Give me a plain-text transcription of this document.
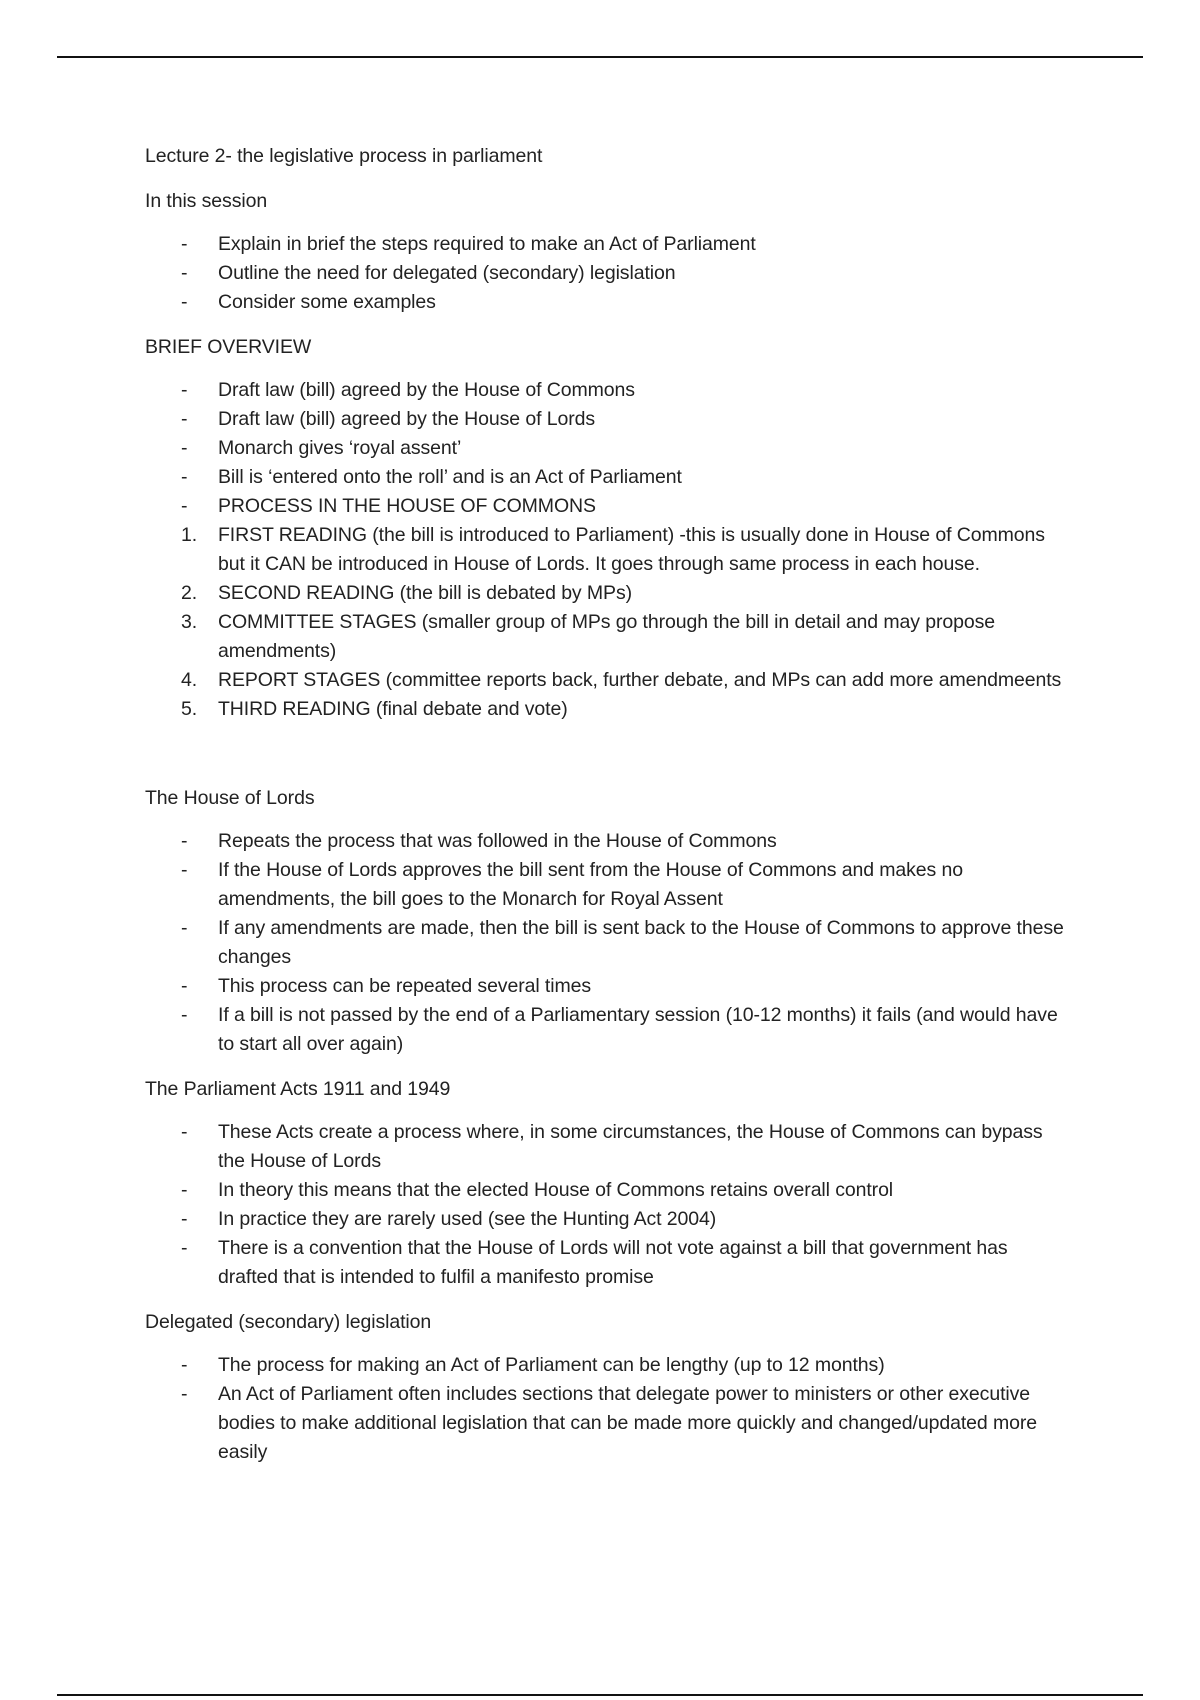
Lecture 2- the legislative process in parliament

In this session

-	Explain in brief the steps required to make an Act of Parliament
-	Outline the need for delegated (secondary) legislation
-	Consider some examples

BRIEF OVERVIEW

-	Draft law (bill) agreed by the House of Commons
-	Draft law (bill) agreed by the House of Lords
-	Monarch gives ‘royal assent’
-	Bill is ‘entered onto the roll’ and is an Act of Parliament
-	PROCESS IN THE HOUSE OF COMMONS
1.	FIRST READING (the bill is introduced to Parliament) -this is usually done in House of Commons but it CAN be introduced in House of Lords. It goes through same process in each house.
2.	SECOND READING (the bill is debated by MPs)
3.	COMMITTEE STAGES (smaller group of MPs go through the bill in detail and may propose amendments)
4.	REPORT STAGES (committee reports back, further debate, and MPs can add more amendmeents
5.	THIRD READING (final debate and vote)

The House of Lords

-	Repeats the process that was followed in the House of Commons
-	If the House of Lords approves the bill sent from the House of Commons and makes no amendments, the bill goes to the Monarch for Royal Assent
-	If any amendments are made, then the bill is sent back to the House of Commons to approve these changes
-	This process can be repeated several times
-	If a bill is not passed by the end of a Parliamentary session (10-12 months) it fails (and would have to start all over again)

The Parliament Acts 1911 and 1949

-	These Acts create a process where, in some circumstances, the House of Commons can bypass the House of Lords
-	In theory this means that the elected House of Commons retains overall control
-	In practice they are rarely used (see the Hunting Act 2004)
-	There is a convention that the House of Lords will not vote against a bill that government has drafted that is intended to fulfil a manifesto promise

Delegated (secondary) legislation

-	The process for making an Act of Parliament can be lengthy (up to 12 months)
-	An Act of Parliament often includes sections that delegate power to ministers or other executive bodies to make additional legislation that can be made more quickly and changed/updated more easily
